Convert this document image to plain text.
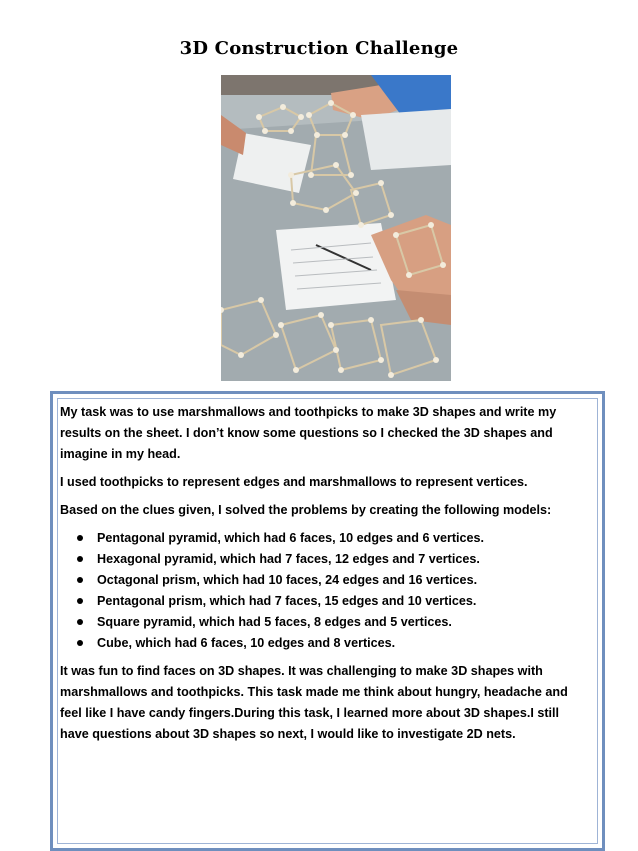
3D Construction Challenge

My task was to use marshmallows and toothpicks to make 3D shapes and write my results on the sheet. I don’t know some questions so I checked the 3D shapes and imagine in my head.

I used toothpicks to represent edges and marshmallows to represent vertices.

Based on the clues given, I solved the problems by creating the following models:

Pentagonal pyramid, which had 6 faces, 10 edges and 6 vertices.
Hexagonal pyramid, which had 7 faces, 12 edges and 7 vertices.
Octagonal prism, which had 10 faces, 24 edges and 16 vertices.
Pentagonal prism, which had 7 faces, 15 edges and 10 vertices.
Square pyramid, which had 5 faces, 8 edges and 5 vertices.
Cube, which had 6 faces, 10 edges and 8 vertices.

It was fun to find faces on 3D shapes. It was challenging to make 3D shapes with marshmallows and toothpicks. This task made me think about hungry, headache and feel like I have candy fingers.During this task, I learned more about 3D shapes.I still have questions about 3D shapes so next, I would like to investigate 2D nets.
